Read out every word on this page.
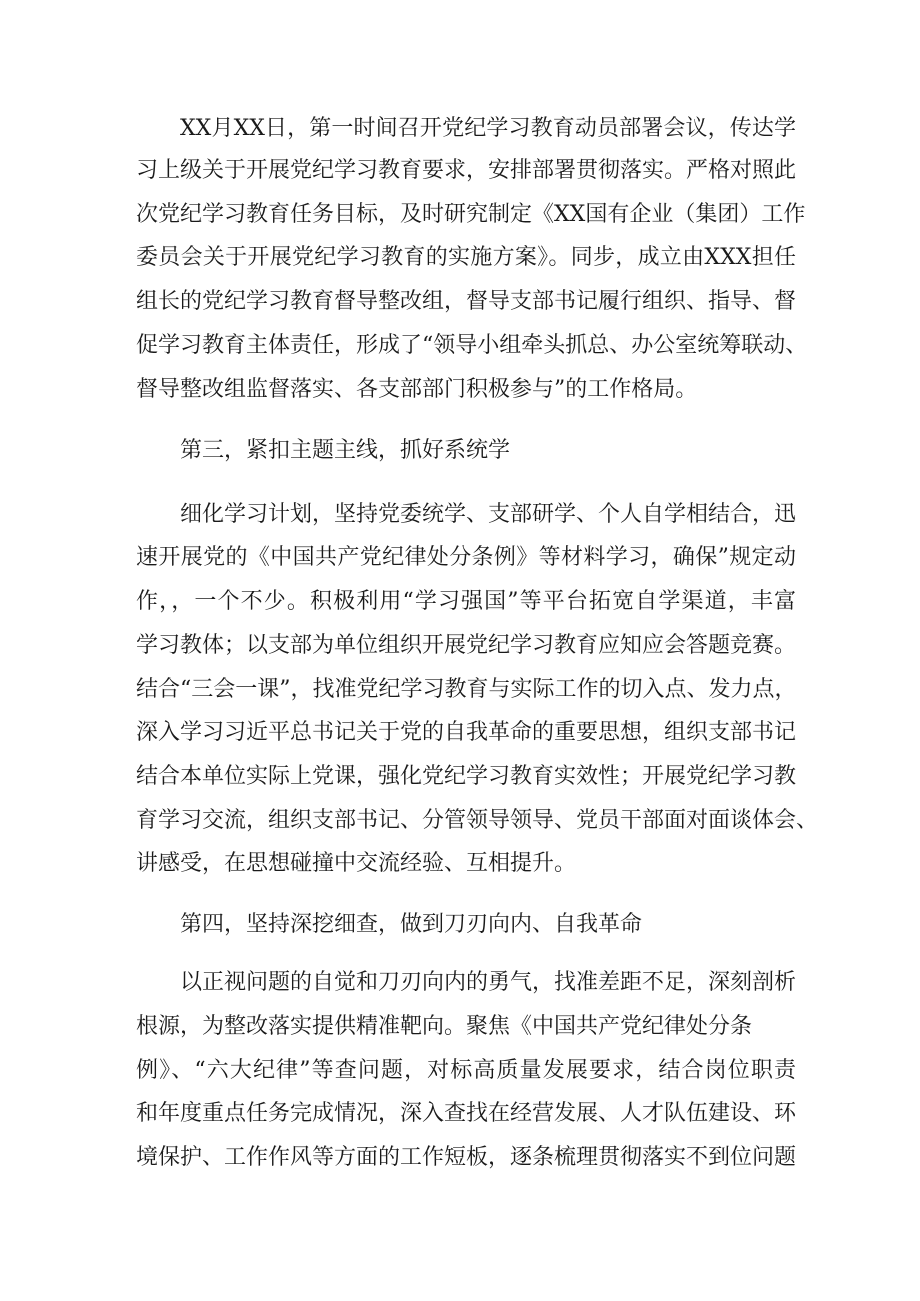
XX月XX日，第一时间召开党纪学习教育动员部署会议，传达学
习上级关于开展党纪学习教育要求，安排部署贯彻落实。严格对照此
次党纪学习教育任务目标，及时研究制定《XX国有企业（集团）工作
委员会关于开展党纪学习教育的实施方案》。同步，成立由XXX担任
组长的党纪学习教育督导整改组，督导支部书记履行组织、指导、督
促学习教育主体责任，形成了“领导小组牵头抓总、办公室统筹联动、
督导整改组监督落实、各支部部门积极参与”的工作格局。
第三，紧扣主题主线，抓好系统学
细化学习计划，坚持党委统学、支部研学、个人自学相结合，迅
速开展党的《中国共产党纪律处分条例》等材料学习，确保”规定动
作，，一个不少。积极利用“学习强国”等平台拓宽自学渠道，丰富
学习教体；以支部为单位组织开展党纪学习教育应知应会答题竞赛。
结合“三会一课”，找准党纪学习教育与实际工作的切入点、发力点，
深入学习习近平总书记关于党的自我革命的重要思想，组织支部书记
结合本单位实际上党课，强化党纪学习教育实效性；开展党纪学习教
育学习交流，组织支部书记、分管领导领导、党员干部面对面谈体会、
讲感受，在思想碰撞中交流经验、互相提升。
第四，坚持深挖细查，做到刀刃向内、自我革命
以正视问题的自觉和刀刃向内的勇气，找准差距不足，深刻剖析
根源，为整改落实提供精准靶向。聚焦《中国共产党纪律处分条
例》、“六大纪律”等查问题，对标高质量发展要求，结合岗位职责
和年度重点任务完成情况，深入查找在经营发展、人才队伍建设、环
境保护、工作作风等方面的工作短板，逐条梳理贯彻落实不到位问题
